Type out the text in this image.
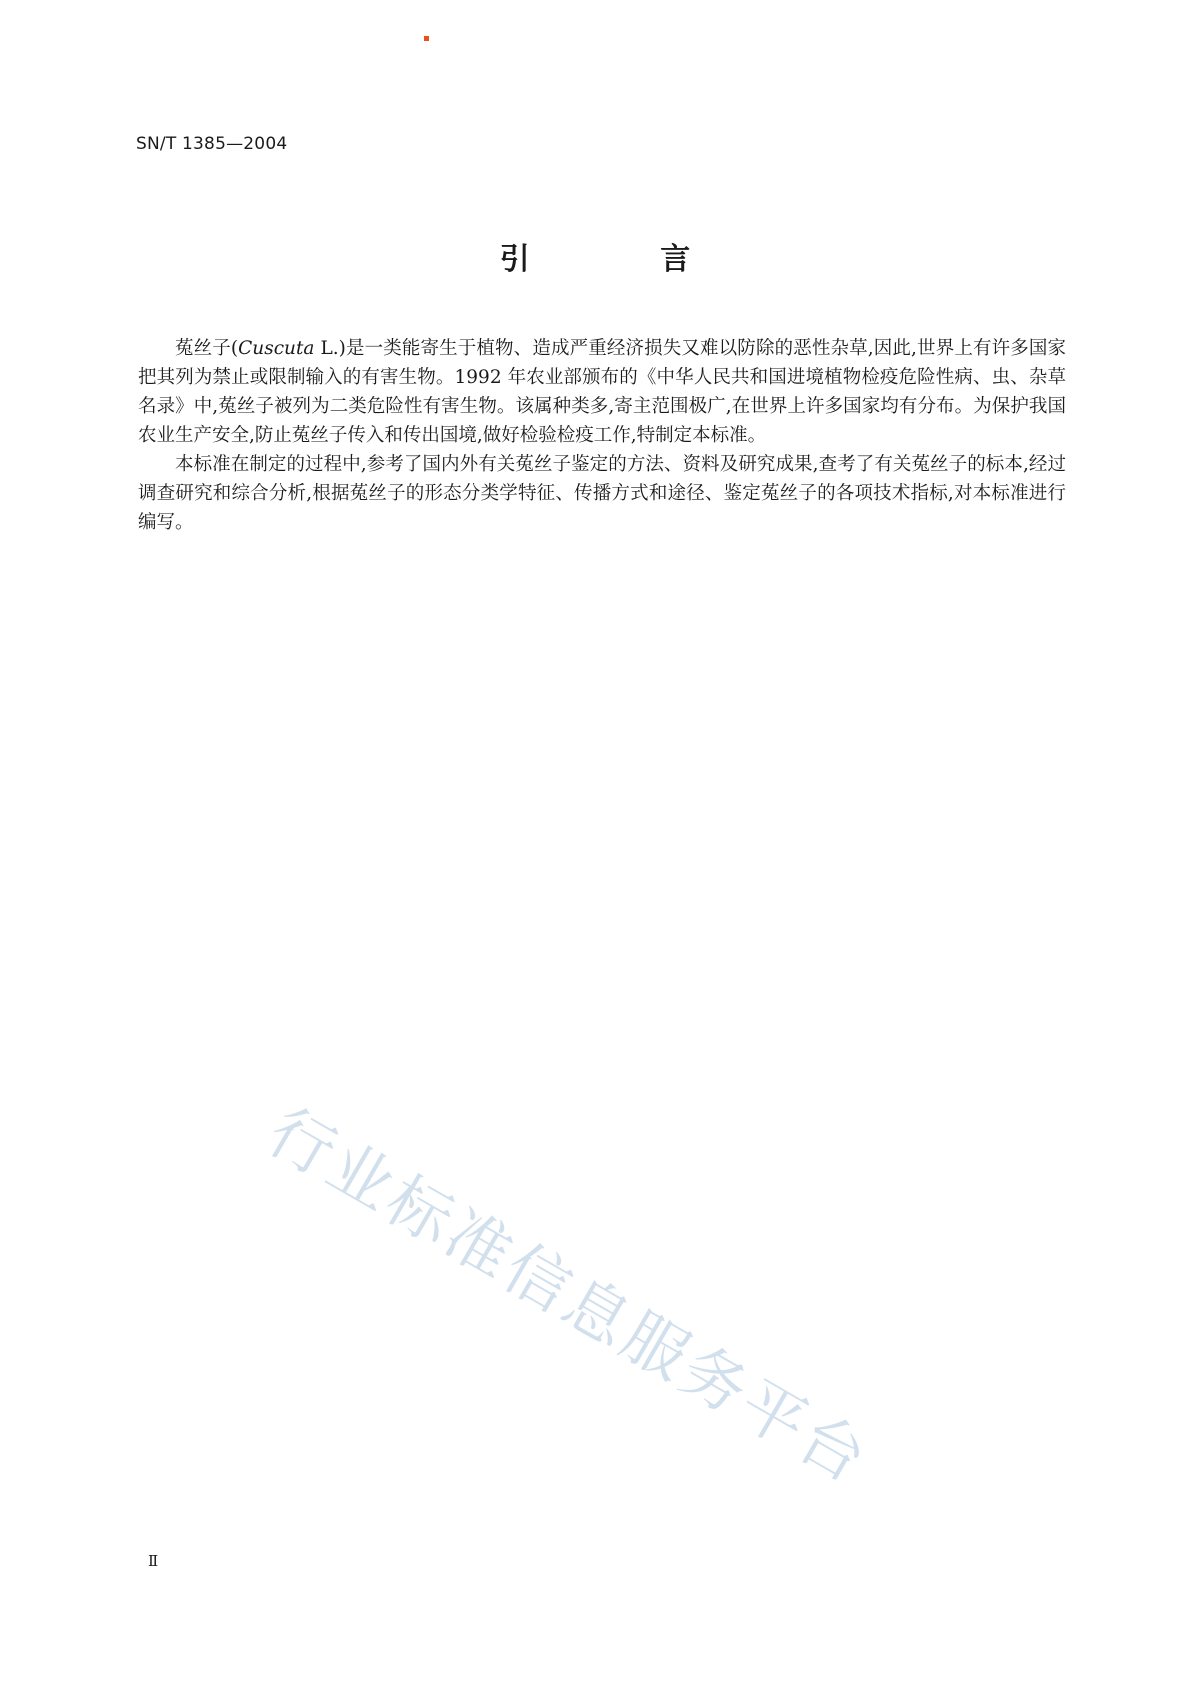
SN/T 1385—2004
引 言

菟丝子(Cuscuta L.)是一类能寄生于植物、造成严重经济损失又难以防除的恶性杂草,因此,世界上有许多国家把其列为禁止或限制输入的有害生物。1992 年农业部颁布的《中华人民共和国进境植物检疫危险性病、虫、杂草名录》中,菟丝子被列为二类危险性有害生物。该属种类多,寄主范围极广,在世界上许多国家均有分布。为保护我国农业生产安全,防止菟丝子传入和传出国境,做好检验检疫工作,特制定本标准。

本标准在制定的过程中,参考了国内外有关菟丝子鉴定的方法、资料及研究成果,查考了有关菟丝子的标本,经过调查研究和综合分析,根据菟丝子的形态分类学特征、传播方式和途径、鉴定菟丝子的各项技术指标,对本标准进行编写。

行业标准信息服务平台
Ⅱ
